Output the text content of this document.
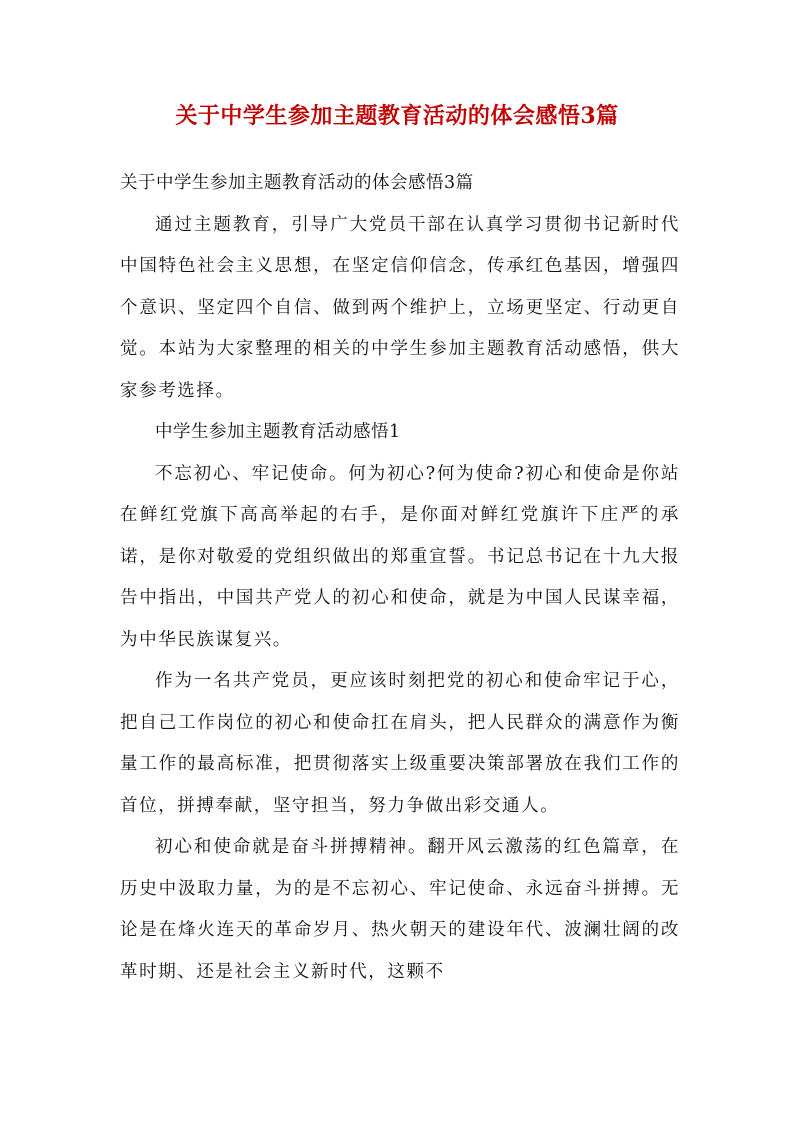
关于中学生参加主题教育活动的体会感悟3篇

关于中学生参加主题教育活动的体会感悟3篇

通过主题教育，引导广大党员干部在认真学习贯彻书记新时代中国特色社会主义思想，在坚定信仰信念，传承红色基因，增强四个意识、坚定四个自信、做到两个维护上，立场更坚定、行动更自觉。本站为大家整理的相关的中学生参加主题教育活动感悟，供大家参考选择。

中学生参加主题教育活动感悟1

不忘初心、牢记使命。何为初心?何为使命?初心和使命是你站在鲜红党旗下高高举起的右手，是你面对鲜红党旗许下庄严的承诺，是你对敬爱的党组织做出的郑重宣誓。书记总书记在十九大报告中指出，中国共产党人的初心和使命，就是为中国人民谋幸福，为中华民族谋复兴。

作为一名共产党员，更应该时刻把党的初心和使命牢记于心，把自己工作岗位的初心和使命扛在肩头，把人民群众的满意作为衡量工作的最高标准，把贯彻落实上级重要决策部署放在我们工作的首位，拼搏奉献，坚守担当，努力争做出彩交通人。

初心和使命就是奋斗拼搏精神。翻开风云激荡的红色篇章，在历史中汲取力量，为的是不忘初心、牢记使命、永远奋斗拼搏。无论是在烽火连天的革命岁月、热火朝天的建设年代、波澜壮阔的改革时期、还是社会主义新时代，这颗不
